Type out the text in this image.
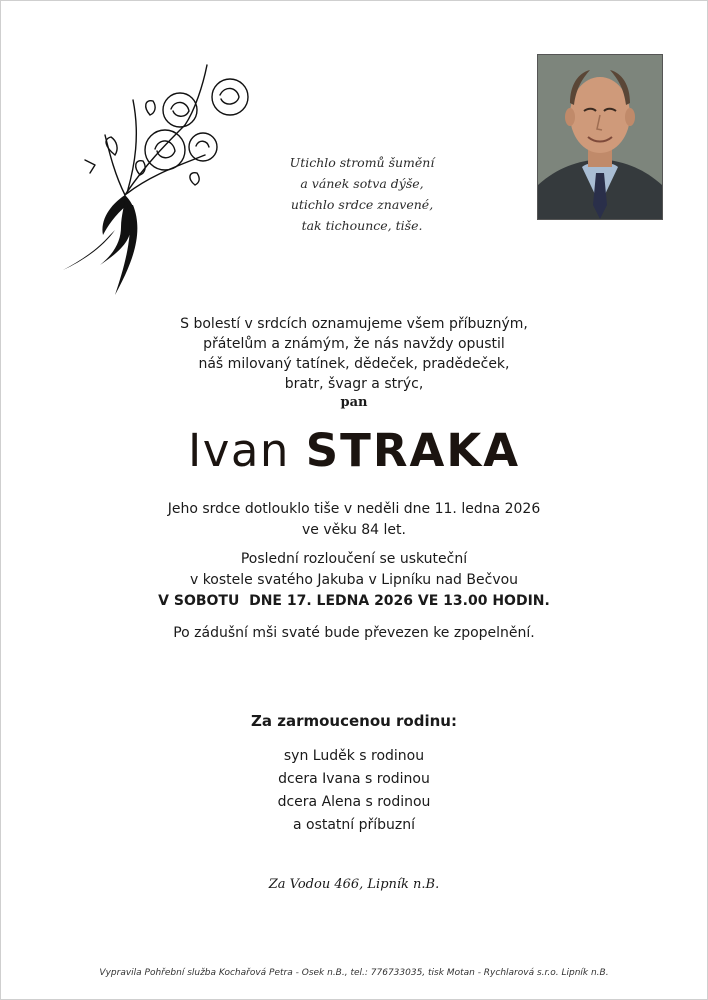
Utichlo stromů šumění
a vánek sotva dýše,
utichlo srdce znavené,
tak tichounce, tiše.
S bolestí v srdcích oznamujeme všem příbuzným,
přátelům a známým, že nás navždy opustil
náš milovaný tatínek, dědeček, pradědeček,
bratr, švagr a strýc,
pan
Ivan STRAKA
Jeho srdce dotlouklo tiše v neděli dne 11. ledna 2026
ve věku 84 let.
Poslední rozloučení se uskuteční
v kostele svatého Jakuba v Lipníku nad Bečvou
V SOBOTU  DNE 17. LEDNA 2026 VE 13.00 HODIN.
Po zádušní mši svaté bude převezen ke zpopelnění.
Za zarmoucenou rodinu:
syn Luděk s rodinou
dcera Ivana s rodinou
dcera Alena s rodinou
a ostatní příbuzní
Za Vodou 466, Lipník n.B.
Vypravila Pohřební služba Kochařová Petra - Osek n.B., tel.: 776733035, tisk Motan - Rychlarová s.r.o. Lipník n.B.
